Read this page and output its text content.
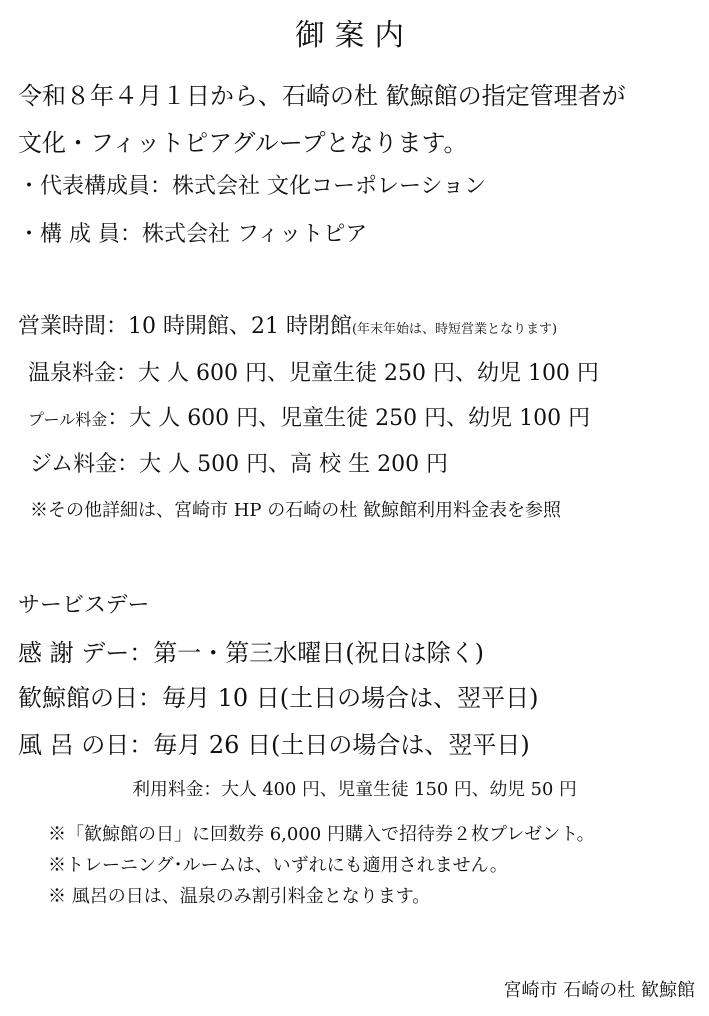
御案内
令和８年４月１日から、石崎の杜 歓鯨館の指定管理者が
文化・フィットピアグループとなります。
・代表構成員：株式会社 文化コーポレーション
・構 成 員：株式会社 フィットピア
営業時間：10 時開館、21 時閉館(年末年始は、時短営業となります)
温泉料金：大 人 600 円、児童生徒 250 円、幼児 100 円
プール料金：大 人 600 円、児童生徒 250 円、幼児 100 円
ジム料金：大 人 500 円、高 校 生 200 円
※その他詳細は、宮崎市 HP の石崎の杜 歓鯨館利用料金表を参照
サービスデー
感 謝 デー：第一・第三水曜日(祝日は除く)
歓鯨館の日：毎月 10 日(土日の場合は、翌平日)
風 呂 の日：毎月 26 日(土日の場合は、翌平日)
利用料金：大人 400 円、児童生徒 150 円、幼児 50 円
※「歓鯨館の日」に回数券 6,000 円購入で招待券２枚プレゼント。
※トレーニング･ルームは、いずれにも適用されません。
※ 風呂の日は、温泉のみ割引料金となります。
宮崎市 石崎の杜 歓鯨館
